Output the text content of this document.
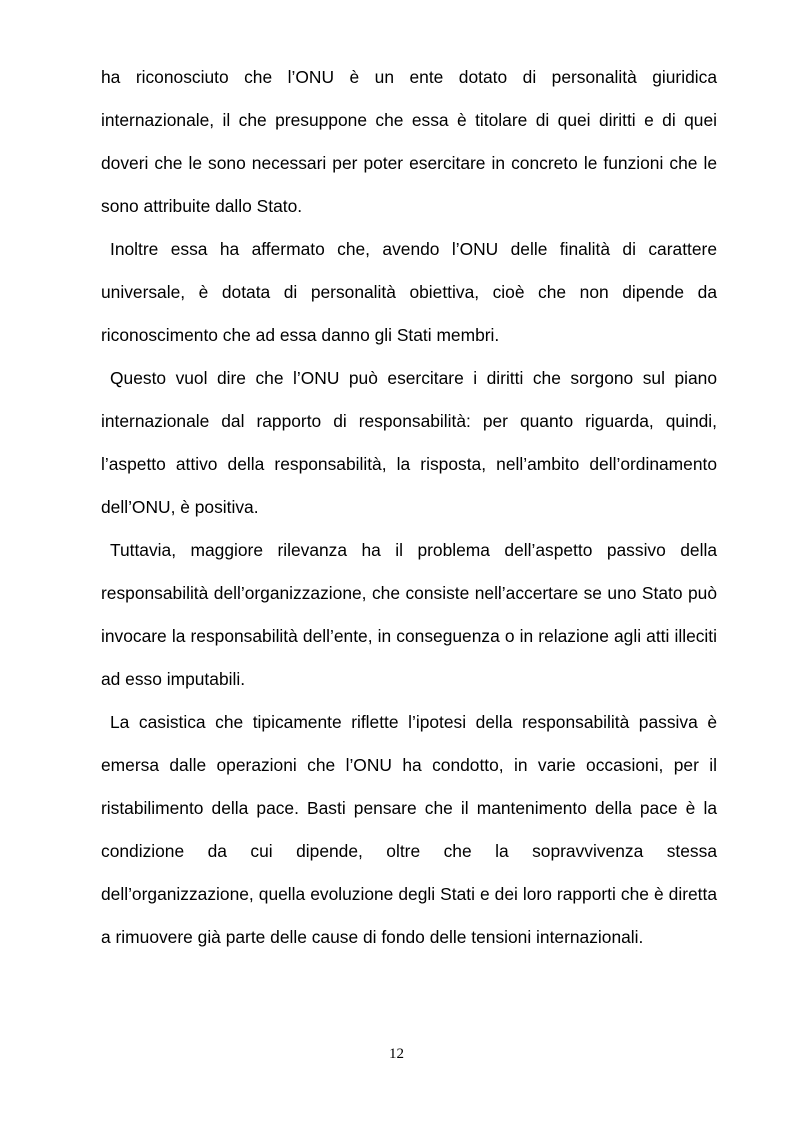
ha riconosciuto che l’ONU è un ente dotato di personalità giuridica internazionale, il che presuppone che essa è titolare di quei diritti e di quei doveri che le sono necessari per poter esercitare in concreto le funzioni che le sono attribuite dallo Stato.

Inoltre essa ha affermato che, avendo l’ONU delle finalità di carattere universale, è dotata di personalità obiettiva, cioè che non dipende da riconoscimento che ad essa danno gli Stati membri.

Questo vuol dire che l’ONU può esercitare i diritti che sorgono sul piano internazionale dal rapporto di responsabilità: per quanto riguarda, quindi, l’aspetto attivo della responsabilità, la risposta, nell’ambito dell’ordinamento dell’ONU, è positiva.

Tuttavia, maggiore rilevanza ha il problema dell’aspetto passivo della responsabilità dell’organizzazione, che consiste nell’accertare se uno Stato può invocare la responsabilità dell’ente, in conseguenza o in relazione agli atti illeciti ad esso imputabili.

La casistica che tipicamente riflette l’ipotesi della responsabilità passiva è emersa dalle operazioni che l’ONU ha condotto, in varie occasioni, per il ristabilimento della pace. Basti pensare che il mantenimento della pace è la condizione da cui dipende, oltre che la sopravvivenza stessa dell’organizzazione, quella evoluzione degli Stati e dei loro rapporti che è diretta a rimuovere già parte delle cause di fondo delle tensioni internazionali.

12
